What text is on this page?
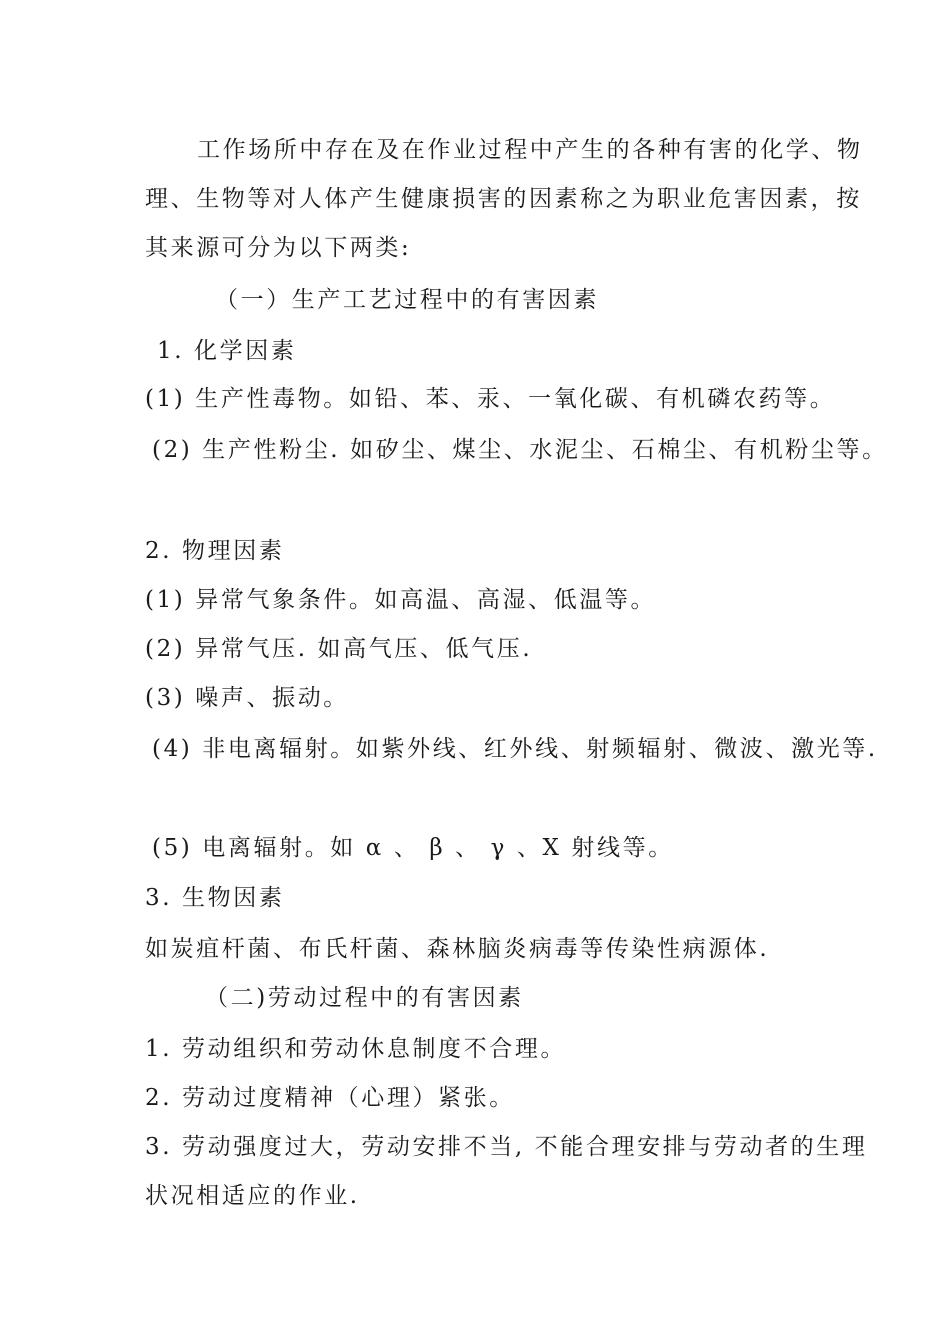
工作场所中存在及在作业过程中产生的各种有害的化学、物
理、生物等对人体产生健康损害的因素称之为职业危害因素，按
其来源可分为以下两类:
（一）生产工艺过程中的有害因素
1. 化学因素
(1) 生产性毒物。如铅、苯、汞、一氧化碳、有机磷农药等。
(2) 生产性粉尘. 如矽尘、煤尘、水泥尘、石棉尘、有机粉尘等。
2. 物理因素
(1) 异常气象条件。如高温、高湿、低温等。
(2) 异常气压. 如高气压、低气压.
(3) 噪声、振动。
(4) 非电离辐射。如紫外线、红外线、射频辐射、微波、激光等.
(5) 电离辐射。如 α 、 β 、 γ 、X 射线等。
3. 生物因素
如炭疽杆菌、布氏杆菌、森林脑炎病毒等传染性病源体.
（二)劳动过程中的有害因素
1. 劳动组织和劳动休息制度不合理。
2. 劳动过度精神（心理）紧张。
3. 劳动强度过大，劳动安排不当, 不能合理安排与劳动者的生理
状况相适应的作业.
